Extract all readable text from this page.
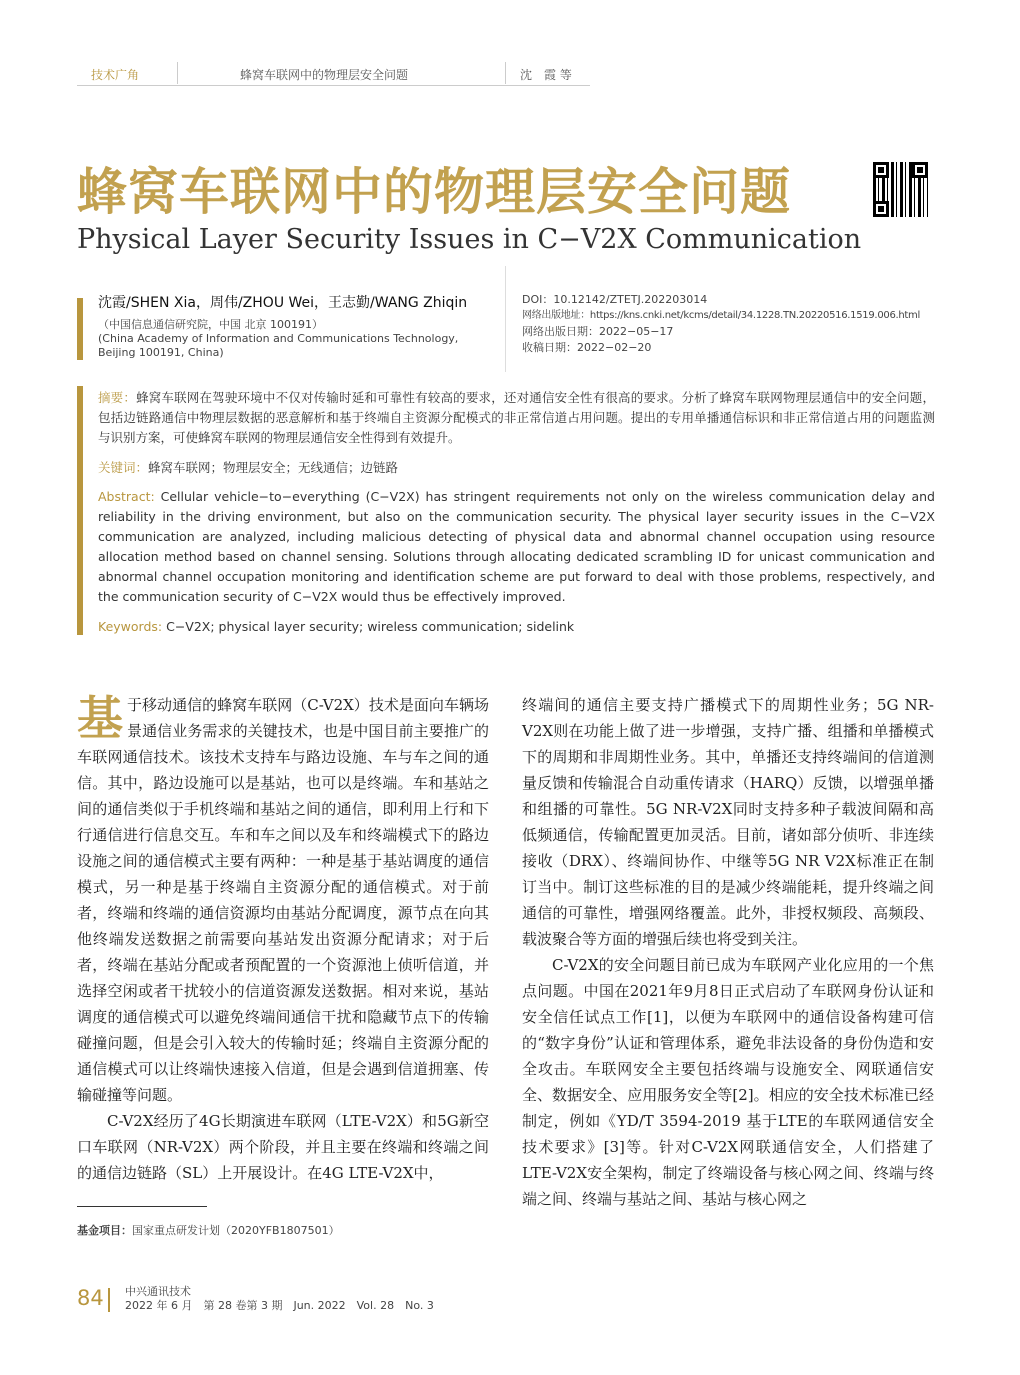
技术广角	蜂窝车联网中的物理层安全问题	沈　霞 等
蜂窝车联网中的物理层安全问题
Physical Layer Security Issues in C−V2X Communication
沈霞/SHEN Xia，周伟/ZHOU Wei，王志勤/WANG Zhiqin
（中国信息通信研究院，中国 北京 100191）
(China Academy of Information and Communications Technology, Beijing 100191, China)
DOI：10.12142/ZTETJ.202203014
网络出版地址：https://kns.cnki.net/kcms/detail/34.1228.TN.20220516.1519.006.html
网络出版日期：2022−05−17
收稿日期：2022−02−20
摘要：蜂窝车联网在驾驶环境中不仅对传输时延和可靠性有较高的要求，还对通信安全性有很高的要求。分析了蜂窝车联网物理层通信中的安全问题，包括边链路通信中物理层数据的恶意解析和基于终端自主资源分配模式的非正常信道占用问题。提出的专用单播通信标识和非正常信道占用的问题监测与识别方案，可使蜂窝车联网的物理层通信安全性得到有效提升。
关键词：蜂窝车联网；物理层安全；无线通信；边链路
Abstract: Cellular vehicle−to−everything (C−V2X) has stringent requirements not only on the wireless communication delay and reliability in the driving environment, but also on the communication security. The physical layer security issues in the C−V2X communication are analyzed, including malicious detecting of physical data and abnormal channel occupation using resource allocation method based on channel sensing. Solutions through allocating dedicated scrambling ID for unicast communication and abnormal channel occupation monitoring and identification scheme are put forward to deal with those problems, respectively, and the communication security of C−V2X would thus be effectively improved.
Keywords: C−V2X; physical layer security; wireless communication; sidelink

基于移动通信的蜂窝车联网（C-V2X）技术是面向车辆场景通信业务需求的关键技术，也是中国目前主要推广的车联网通信技术。该技术支持车与路边设施、车与车之间的通信。其中，路边设施可以是基站，也可以是终端。车和基站之间的通信类似于手机终端和基站之间的通信，即利用上行和下行通信进行信息交互。车和车之间以及车和终端模式下的路边设施之间的通信模式主要有两种：一种是基于基站调度的通信模式，另一种是基于终端自主资源分配的通信模式。对于前者，终端和终端的通信资源均由基站分配调度，源节点在向其他终端发送数据之前需要向基站发出资源分配请求；对于后者，终端在基站分配或者预配置的一个资源池上侦听信道，并选择空闲或者干扰较小的信道资源发送数据。相对来说，基站调度的通信模式可以避免终端间通信干扰和隐藏节点下的传输碰撞问题，但是会引入较大的传输时延；终端自主资源分配的通信模式可以让终端快速接入信道，但是会遇到信道拥塞、传输碰撞等问题。

C-V2X经历了4G长期演进车联网（LTE-V2X）和5G新空口车联网（NR-V2X）两个阶段，并且主要在终端和终端之间的通信边链路（SL）上开展设计。在4G LTE-V2X中，

终端间的通信主要支持广播模式下的周期性业务；5G NR-V2X则在功能上做了进一步增强，支持广播、组播和单播模式下的周期和非周期性业务。其中，单播还支持终端间的信道测量反馈和传输混合自动重传请求（HARQ）反馈，以增强单播和组播的可靠性。5G NR-V2X同时支持多种子载波间隔和高低频通信，传输配置更加灵活。目前，诸如部分侦听、非连续接收（DRX）、终端间协作、中继等5G NR V2X标准正在制订当中。制订这些标准的目的是减少终端能耗，提升终端之间通信的可靠性，增强网络覆盖。此外，非授权频段、高频段、载波聚合等方面的增强后续也将受到关注。

C-V2X的安全问题目前已成为车联网产业化应用的一个焦点问题。中国在2021年9月8日正式启动了车联网身份认证和安全信任试点工作[1]，以便为车联网中的通信设备构建可信的“数字身份”认证和管理体系，避免非法设备的身份伪造和安全攻击。车联网安全主要包括终端与设施安全、网联通信安全、数据安全、应用服务安全等[2]。相应的安全技术标准已经制定，例如《YD/T 3594-2019 基于LTE的车联网通信安全技术要求》[3]等。针对C-V2X网联通信安全，人们搭建了LTE-V2X安全架构，制定了终端设备与核心网之间、终端与终端之间、终端与基站之间、基站与核心网之

基金项目：国家重点研发计划（2020YFB1807501）
84 中兴通讯技术
2022 年 6 月　第 28 卷第 3 期　Jun. 2022　Vol. 28　No. 3
